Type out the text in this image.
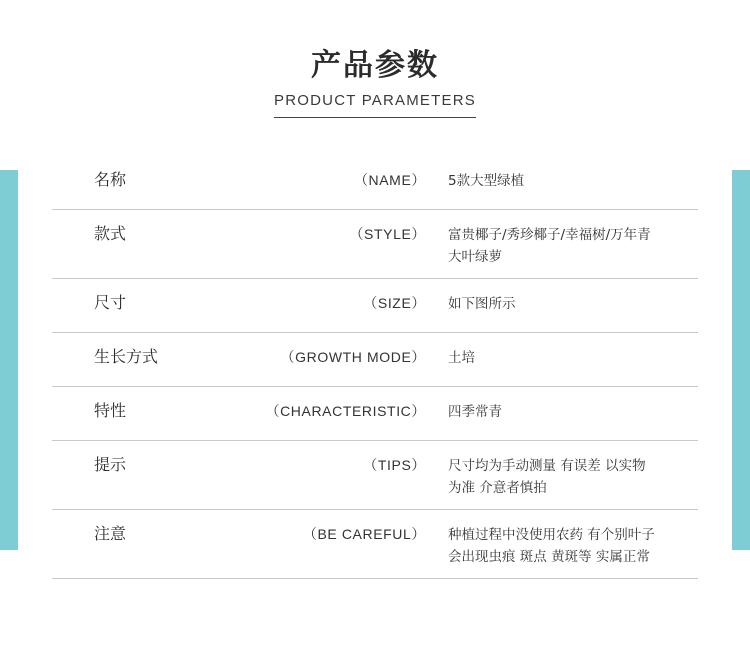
产品参数
PRODUCT PARAMETERS
名称	（NAME）	5款大型绿植
款式	（STYLE）	富贵椰子/秀珍椰子/幸福树/万年青
大叶绿萝
尺寸	（SIZE）	如下图所示
生长方式	（GROWTH MODE）	土培
特性	（CHARACTERISTIC）	四季常青
提示	（TIPS）	尺寸均为手动测量 有误差 以实物
为准 介意者慎拍
注意	（BE CAREFUL）	种植过程中没使用农药 有个别叶子
会出现虫痕 斑点 黄斑等 实属正常
